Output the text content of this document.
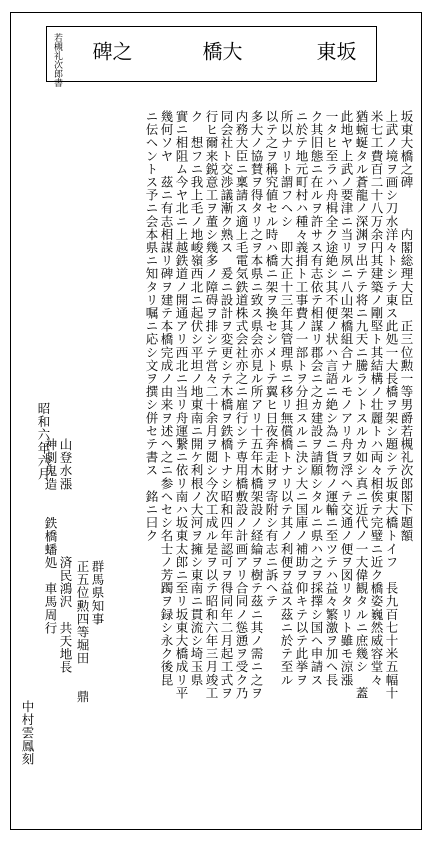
若槻礼次郎書	坂東
大橋
之碑
坂東大橋之碑　　　内閣総理大臣　正三位勲一等男爵若槻礼次郎閣下題額
上武ノ境ヲ画シ刀水洋々トシテ東ス此処一大長橋ヲ架シ題シテ坂東大橋トイフ　長九百七十米五幅十
米七工費百二十八万余円其建築ノ剛堅ト其結構ノ壮麗トハ両々相俟テ完璧ニ近ク橋姿巍然威容堂々
猶蜿蜒タル蒼龍ノ深渊ヲ出テテ将ニ九天ニ騰ラントスルカ如シ真ニ近代ノ一大偉観タルニ庶幾シ　蓋
此地ヤ上武ノ要津ニ当リ夙ニ八山架橋組合ナルモノアリ舟ヲ浮ヘテ交通ノ便ヲ図リタリト雖モ涼漲
一タヒ至ラハ舟楫全ク途絶シ其不便ノ状ハ言語ニ絶シ為ニ貨物ノ運輸ニ至ツテハ益々繁激ヲ加ヘ長
ク其旧態ニ在ルヲ許サス有志依テ相謀リ郡会ニ之カ建設ヲ請願シタルニ県ハ之ヲ採擇シ国ヘ申請ス
ニ於テ地元町村ハ種々義捐ト工事費ノ一部トヲ分担スルニ決シ大ニ国庫ノ補助ヲ仰キテ以テ此挙ヲ
所以ナリト謂フヘシ　即大正十三年其管理県ニ移リ無償橋トナリ以テ其ノ利便ヲ益ス茲ニ於テ至ル
以テ之ヲ稱究値セル時ハ橋ニ架ヲ換セシメトテ翼ヒ日夜奔走財ヲ寄附シ有志ニ訴ヘテ
多大ノ協賛ヲ得タリ之ヲ本県ニ致ス県会亦見ル所アリ十五年木橋架設ノ経綸ヲ樹テ茲ニ其ノ需ニ之ヲ
内務大臣ニ稟請ス適上毛電気鉄道株式会社亦之ニ雇行シテ専用橋敷設ノ計画アリ合同ノ慫慂ヲ受ク乃
同会社ト交渉議漸ク熟ス　爰ニ設計ヲ変更シテ木橋ヲ鉄橋トナシ昭和四年認可ヲ得同年二月起工式ヲ
行ヒ爾来鋭意工ヲ董シ幾多ノ障碍ヲ排シテ営々二十余月ヲ閲シ今次工成ル是ヲ以テ昭和六年三月竣工
ク　想フニ我上毛ノ地峻嶺西北ニ起伏シ平坦ノ地東南ニ開ケ利根ノ大河ヲ擁シ東南ニ貫流シ埼玉県
實ニ相阻ム今ヤ北ニ上越鉄道ノ開通アリ西北ニ当リ舟運繋ニ依リ南ハ坂東太郎ニ至リ坂東大橋成リ平
幾何ソヤ　茲ニ有志相謀リ碑ヲ建テ本橋完成ノ由来ヲ述ヘ之ニ参ヘセシ名士ノ芳躅ヲ録シ永ク後昆
ニ伝ヘントス予ニ会本県ニ知タリ嘱ニ応シ文ヲ撰シ併セテ書ス　銘ニ曰ク
山登水漲　　　　　済民鴻沢　共天地長
神劇鬼造　　鉄橋蟠処　車馬周行
昭和六年六月
群馬県知事
正五位勲四等堀田
鼎
中村雲鳳刻
